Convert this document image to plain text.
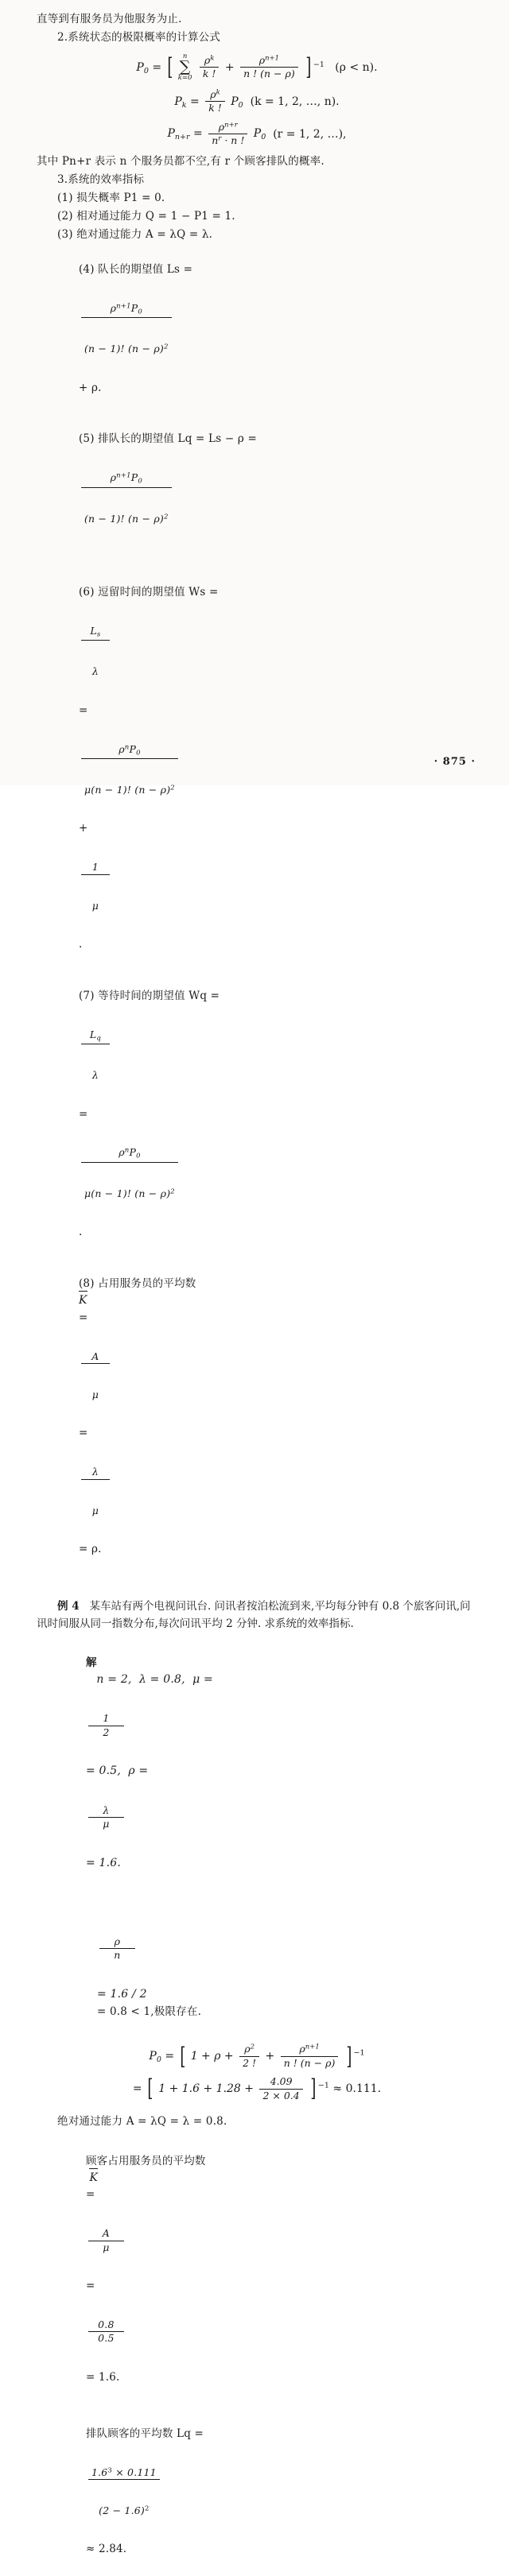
直等到有服务员为他服务为止.

2.系统状态的极限概率的计算公式

$P_0$ = [	n
∑
k=0
$\frac{\rho^k}{k !} + \frac{\rho^{n+1}}{n ! (n - \rho)}$ ] $^{-1}$ (ρ < n).
$P_k = \frac{\rho^k}{k !} P_0$ (k = 1, 2, …, n).
$P_{n+r} = \frac{\rho^{n+r}}{n^r \cdot n !} P_0$ (r = 1, 2, …),

其中 Pn+r 表示 n 个服务员都不空,有 r 个顾客排队的概率.

3.系统的效率指标

(1) 损失概率 P1 = 0.

(2) 相对通过能力 Q = 1 − P1 = 1.

(3) 绝对通过能力 A = λQ = λ.

(4) 队长的期望值 Ls =

$\frac{\rho^{n+1}P_0}{(n - 1)! (n - \rho)^2}$

+ ρ.

(5) 排队长的期望值 Lq = Ls − ρ =

$\frac{\rho^{n+1}P_0}{(n - 1)! (n - \rho)^2}$

(6) 逗留时间的期望值 Ws =

$\frac{L_s}{\lambda}$

=

$\frac{\rho^nP_0}{\mu(n - 1)! (n - \rho)^2}$

+

$\frac{1}{\mu}$

.

(7) 等待时间的期望值 Wq =

$\frac{L_q}{\lambda}$

=

$\frac{\rho^nP_0}{\mu(n - 1)! (n - \rho)^2}$

.

(8) 占用服务员的平均数

K
=

$\frac{A}{\mu}$

=

$\frac{\lambda}{\mu}$

= ρ.

例 4 某车站有两个电视问讯台. 问讯者按泊松流到来,平均每分钟有 0.8 个旅客问讯,问讯时间服从同一指数分布,每次问讯平均 2 分钟. 求系统的效率指标.

解
n = 2,  λ = 0.8,  μ =

$\frac{1}{2}$

= 0.5,  ρ =

$\frac{\lambda}{\mu}$

= 1.6.

$\frac{\rho}{n}$

= 1.6 / 2
= 0.8 < 1,极限存在.

$P_0$ = [ $1 + \rho + \frac{\rho^2}{2 !} + \frac{\rho^{n+1}}{n ! (n - \rho)}$ ] $^{-1}$
= [ $1 + 1.6 + 1.28 + \frac{4.09}{2 \times 0.4}$ ] $^{-1}$ ≈ 0.111.

绝对通过能力 A = λQ = λ = 0.8.

顾客占用服务员的平均数

K
=

$\frac{A}{\mu}$

=

$\frac{0.8}{0.5}$

= 1.6.

排队顾客的平均数 Lq =

$\frac{1.6^3 \times 0.111}{(2 - 1.6)^2}$

≈ 2.84.

· 875 ·
